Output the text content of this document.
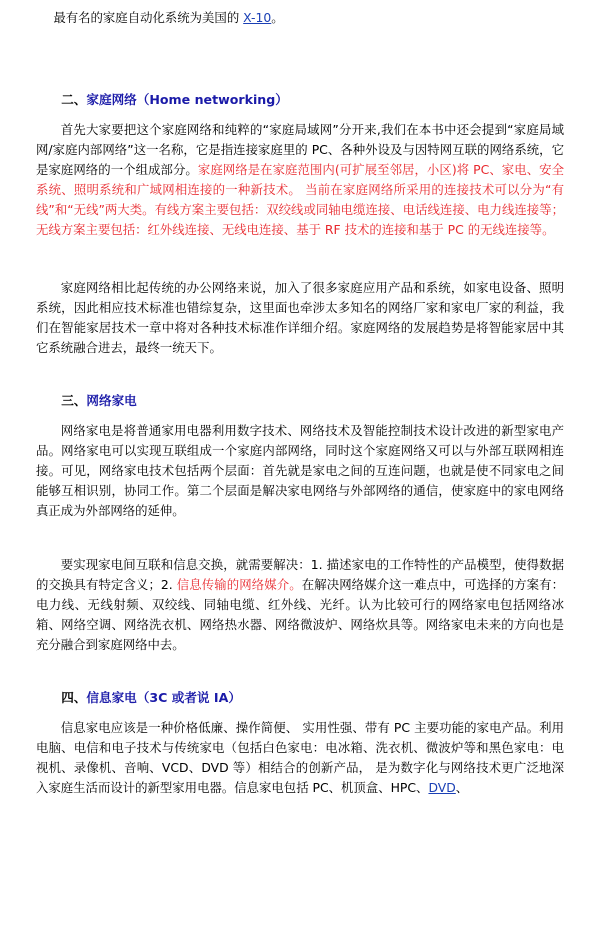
最有名的家庭自动化系统为美国的 X-10。

二、家庭网络（Home networking）

首先大家要把这个家庭网络和纯粹的“家庭局域网”分开来,我们在本书中还会提到“家庭局域网/家庭内部网络”这一名称，它是指连接家庭里的 PC、各种外设及与因特网互联的网络系统，它是家庭网络的一个组成部分。家庭网络是在家庭范围内(可扩展至邻居，小区)将 PC、家电、安全系统、照明系统和广域网相连接的一种新技术。 当前在家庭网络所采用的连接技术可以分为“有线”和“无线”两大类。有线方案主要包括：双绞线或同轴电缆连接、电话线连接、电力线连接等；无线方案主要包括：红外线连接、无线电连接、基于 RF 技术的连接和基于 PC 的无线连接等。

家庭网络相比起传统的办公网络来说，加入了很多家庭应用产品和系统，如家电设备、照明系统，因此相应技术标准也错综复杂，这里面也牵涉太多知名的网络厂家和家电厂家的利益，我们在智能家居技术一章中将对各种技术标准作详细介绍。家庭网络的发展趋势是将智能家居中其它系统融合进去，最终一统天下。

三、网络家电

网络家电是将普通家用电器利用数字技术、网络技术及智能控制技术设计改进的新型家电产品。网络家电可以实现互联组成一个家庭内部网络，同时这个家庭网络又可以与外部互联网相连接。可见，网络家电技术包括两个层面：首先就是家电之间的互连问题，也就是使不同家电之间能够互相识别，协同工作。第二个层面是解决家电网络与外部网络的通信，使家庭中的家电网络真正成为外部网络的延伸。

要实现家电间互联和信息交换，就需要解决：1. 描述家电的工作特性的产品模型，使得数据的交换具有特定含义；2. 信息传输的网络媒介。在解决网络媒介这一难点中，可选择的方案有：电力线、无线射频、双绞线、同轴电缆、红外线、光纤。认为比较可行的网络家电包括网络冰箱、网络空调、网络洗衣机、网络热水器、网络微波炉、网络炊具等。网络家电未来的方向也是充分融合到家庭网络中去。

四、信息家电（3C 或者说 IA）

信息家电应该是一种价格低廉、操作简便、 实用性强、带有 PC 主要功能的家电产品。利用电脑、电信和电子技术与传统家电（包括白色家电：电冰箱、洗衣机、微波炉等和黑色家电：电视机、录像机、音响、VCD、DVD 等）相结合的创新产品， 是为数字化与网络技术更广泛地深入家庭生活而设计的新型家用电器。信息家电包括 PC、机顶盒、HPC、DVD、
